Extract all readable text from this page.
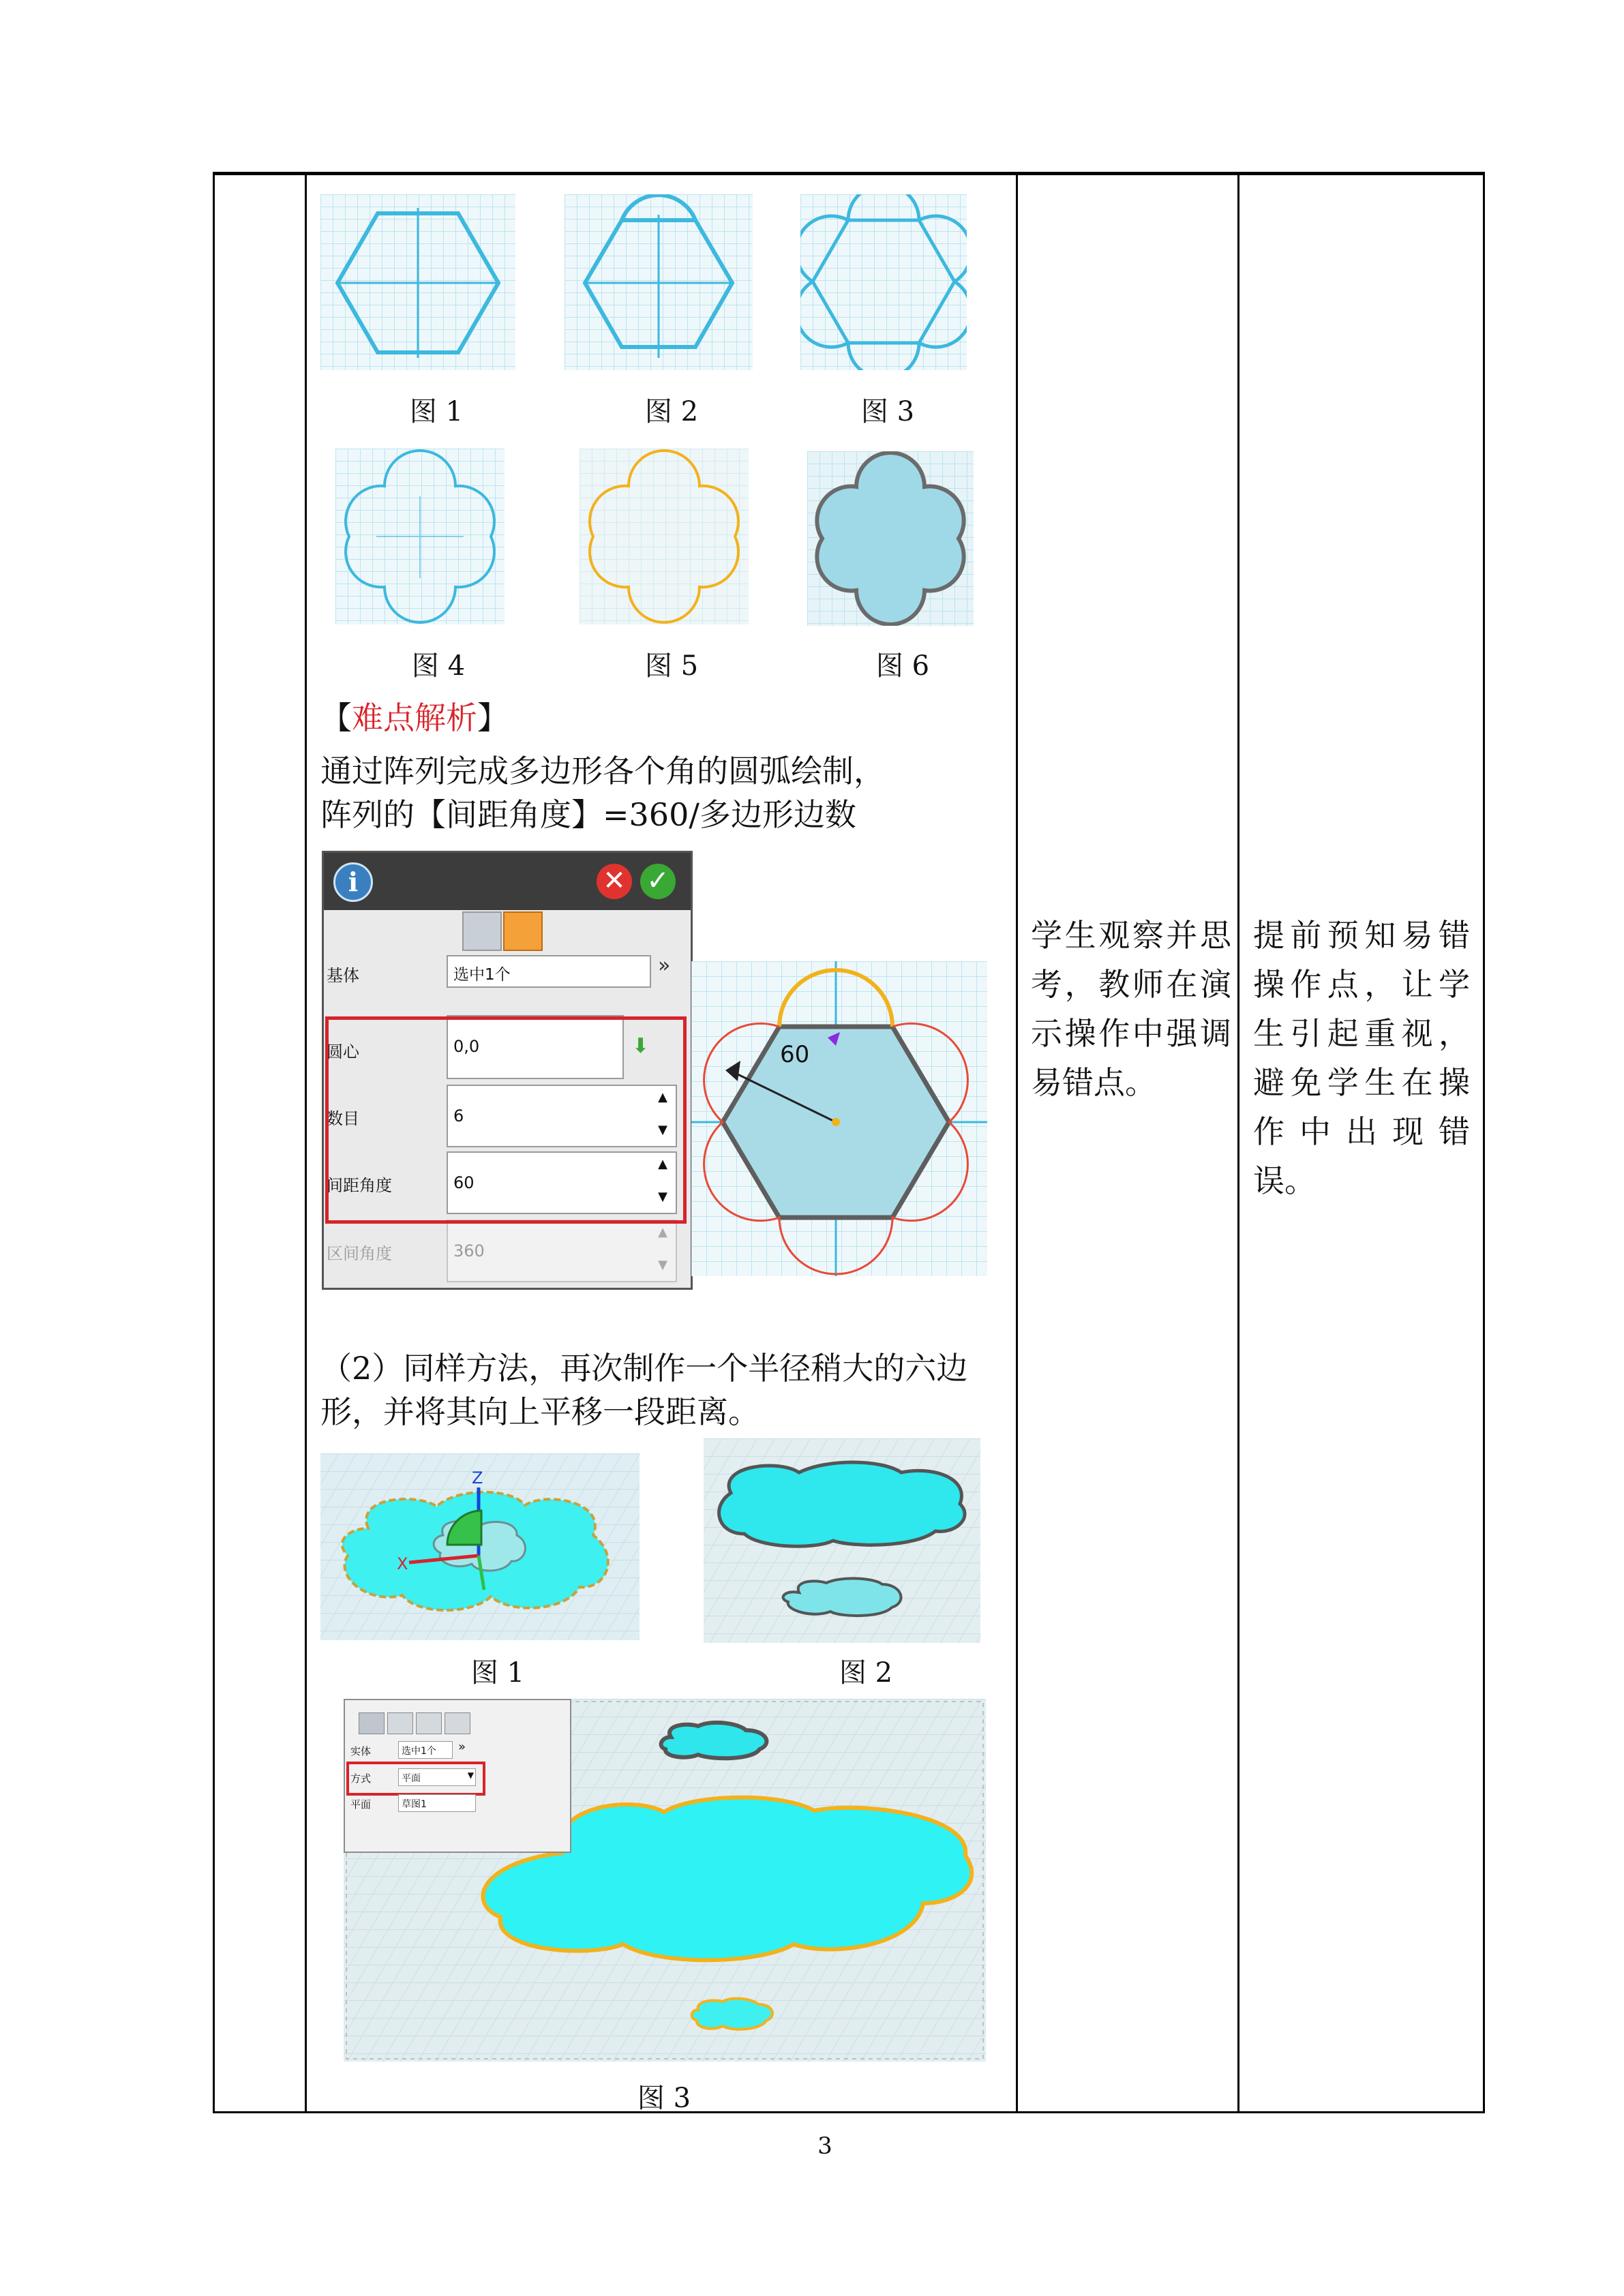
图 1	图 2	图 3
图 4	图 5	图 6
【难点解析】
通过阵列完成多边形各个角的圆弧绘制，
阵列的【间距角度】=360/多边形边数
i	✕ ✓
基体	选中1个	»
圆心	0,0	⬇
数目	6
▲
▼
间距角度	60
▲
▼
区间角度	360
▲
▼
60
（2）同样方法，再次制作一个半径稍大的六边
形，并将其向上平移一段距离。
Z
X
图 1	图 2
实体	选中1个 »
方式	平面	▼
平面	草图1
图 3
学生观察并思考，教师在演示操作中强调易错点。
提前预知易错操作点，让学生引起重视，避免学生在操作中出现错误。
3
